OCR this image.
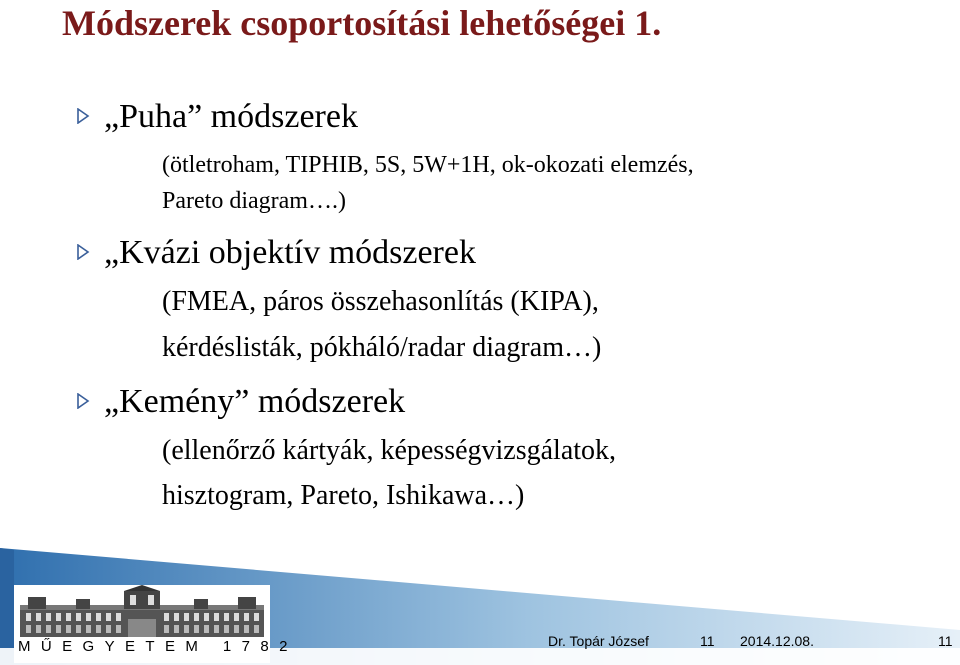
Módszerek csoportosítási lehetőségei 1.
„Puha” módszerek
(ötletroham, TIPHIB, 5S, 5W+1H, ok-okozati elemzés,
Pareto diagram….)
„Kvázi objektív módszerek
(FMEA, páros összehasonlítás (KIPA),
kérdéslisták, pókháló/radar diagram…)
„Kemény” módszerek
(ellenőrző kártyák, képességvizsgálatok,
hisztogram, Pareto, Ishikawa…)
MŰEGYETEM 1782	Dr. Topár József	11 2014.12.08.	11
